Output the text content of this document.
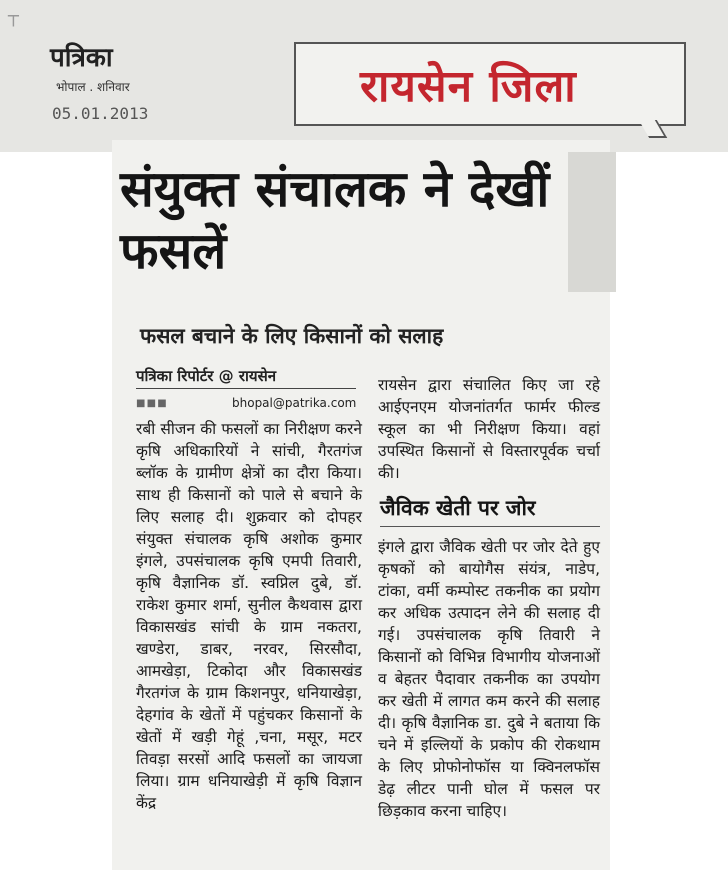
┬
पत्रिका
भोपाल . शनिवार
05.01.2013
रायसेन जिला
संयुक्त संचालक ने देखीं फसलें
फसल बचाने के लिए किसानों को सलाह
पत्रिका रिपोर्टर @ रायसेन
■ ■ ■	bhopal@patrika.com
रबी सीजन की फसलों का निरीक्षण करने कृषि अधिकारियों ने सांची, गैरतगंज ब्लॉक के ग्रामीण क्षेत्रों का दौरा किया। साथ ही किसानों को पाले से बचाने के लिए सलाह दी। शुक्रवार को दोपहर संयुक्त संचालक कृषि अशोक कुमार इंगले, उपसंचालक कृषि एमपी तिवारी, कृषि वैज्ञानिक डॉ. स्वप्निल दुबे, डॉ. राकेश कुमार शर्मा, सुनील कैथवास द्वारा विकासखंड सांची के ग्राम नकतरा, खण्डेरा, डाबर, नरवर, सिरसौदा, आमखेड़ा, टिकोदा और विकासखंड गैरतगंज के ग्राम किशनपुर, धनियाखेड़ा, देहगांव के खेतों में पहुंचकर किसानों के खेतों में खड़ी गेहूं ,चना, मसूर, मटर तिवड़ा सरसों आदि फसलों का जायजा लिया। ग्राम धनियाखेड़ी में कृषि विज्ञान केंद्र
रायसेन द्वारा संचालित किए जा रहे आईएनएम योजनांतर्गत फार्मर फील्ड स्कूल का भी निरीक्षण किया। वहां उपस्थित किसानों से विस्तारपूर्वक चर्चा की।
जैविक खेती पर जोर
इंगले द्वारा जैविक खेती पर जोर देते हुए कृषकों को बायोगैस संयंत्र, नाडेप, टांका, वर्मी कम्पोस्ट तकनीक का प्रयोग कर अधिक उत्पादन लेने की सलाह दी गई। उपसंचालक कृषि तिवारी ने किसानों को विभिन्न विभागीय योजनाओं व बेहतर पैदावार तकनीक का उपयोग कर खेती में लागत कम करने की सलाह दी। कृषि वैज्ञानिक डा. दुबे ने बताया कि चने में इल्लियों के प्रकोप की रोकथाम के लिए प्रोफोनोफॉस या क्विनलफॉस डेढ़ लीटर पानी घोल में फसल पर छिड़काव करना चाहिए।
